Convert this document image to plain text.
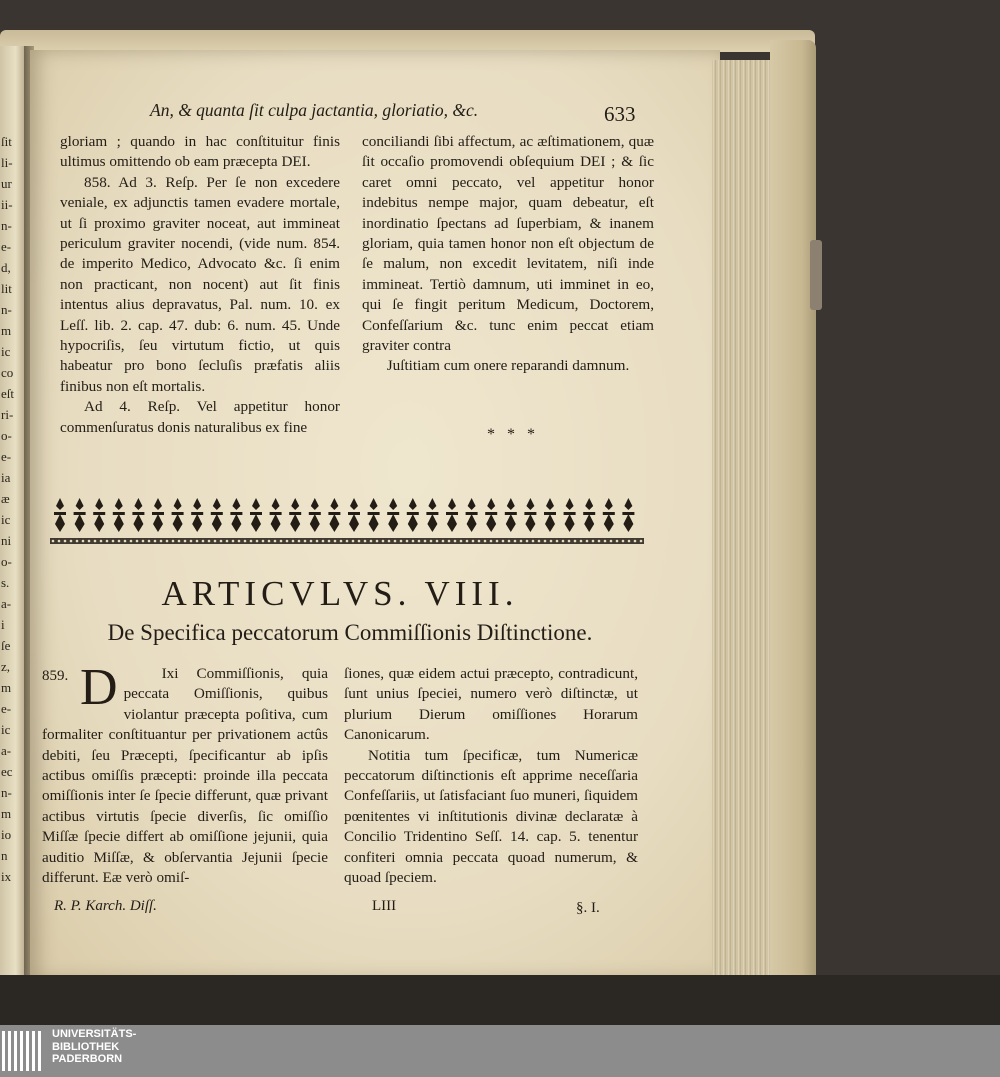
ſit
li-
ur
ii-
n-
e-
d,
lit
n-
m
ic
co
eſt
ri-
o-
e-
ia
æ
ic
ni
o-
s.
a-
i
ſe
z,
m
e-
ic
a-
ec
n-
m
io
n
ix
An, & quanta ſit culpa jactantia, gloriatio, &c.	633

gloriam ; quando in hac conſtituitur finis ultimus omittendo ob eam præcepta DEI.

858. Ad 3. Reſp. Per ſe non excedere veniale, ex adjunctis tamen evadere mortale, ut ſi proximo graviter noceat, aut immineat periculum graviter nocendi, (vide num. 854. de imperito Medico, Advocato &c. ſi enim non practicant, non nocent) aut ſit finis intentus alius depravatus, Pal. num. 10. ex Leſſ. lib. 2. cap. 47. dub: 6. num. 45. Unde hypocriſis, ſeu virtutum fictio, ut quis habeatur pro bono ſecluſis præfatis aliis finibus non eſt mortalis.

Ad 4. Reſp. Vel appetitur honor commenſuratus donis naturalibus ex fine

conciliandi ſibi affectum, ac æſtimationem, quæ ſit occaſio promovendi obſequium DEI ; & ſic caret omni peccato, vel appetitur honor indebitus nempe major, quam debeatur, eſt inordinatio ſpectans ad ſuperbiam, & inanem gloriam, quia tamen honor non eſt objectum de ſe malum, non excedit levitatem, niſi inde immineat. Tertiò damnum, uti imminet in eo, qui ſe fingit peritum Medicum, Doctorem, Confeſſarium &c. tunc enim peccat etiam graviter contra

Juſtitiam cum onere reparandi damnum.

* * *
ARTICVLVS. VIII.
De Specifica peccatorum Commiſſionis Diſtinctione.
859. D	Ixi Commiſſionis, quia peccata Omiſſionis, quibus violantur præcepta poſitiva, cum formaliter conſtituantur per privationem actûs debiti, ſeu Præcepti, ſpecificantur ab ipſis actibus omiſſis præcepti: proinde illa peccata omiſſionis inter ſe ſpecie differunt, quæ privant actibus virtutis ſpecie diverſis, ſic omiſſio Miſſæ ſpecie differt ab omiſſione jejunii, quia auditio Miſſæ, & obſervantia Jejunii ſpecie differunt. Eæ verò omiſ-

ſiones, quæ eidem actui præcepto, contradicunt, ſunt unius ſpeciei, numero verò diſtinctæ, ut plurium Dierum omiſſiones Horarum Canonicarum.

Notitia tum ſpecificæ, tum Numericæ peccatorum diſtinctionis eſt apprime neceſſaria Confeſſariis, ut ſatisfaciant ſuo muneri, ſiquidem pœnitentes vi inſtitutionis divinæ declaratæ à Concilio Tridentino Seſſ. 14. cap. 5. tenentur confiteri omnia peccata quoad numerum, & quoad ſpeciem.

R. P. Karch. Diſſ.	LIII	§. I.
UNIVERSITÄTS-
BIBLIOTHEK
PADERBORN
